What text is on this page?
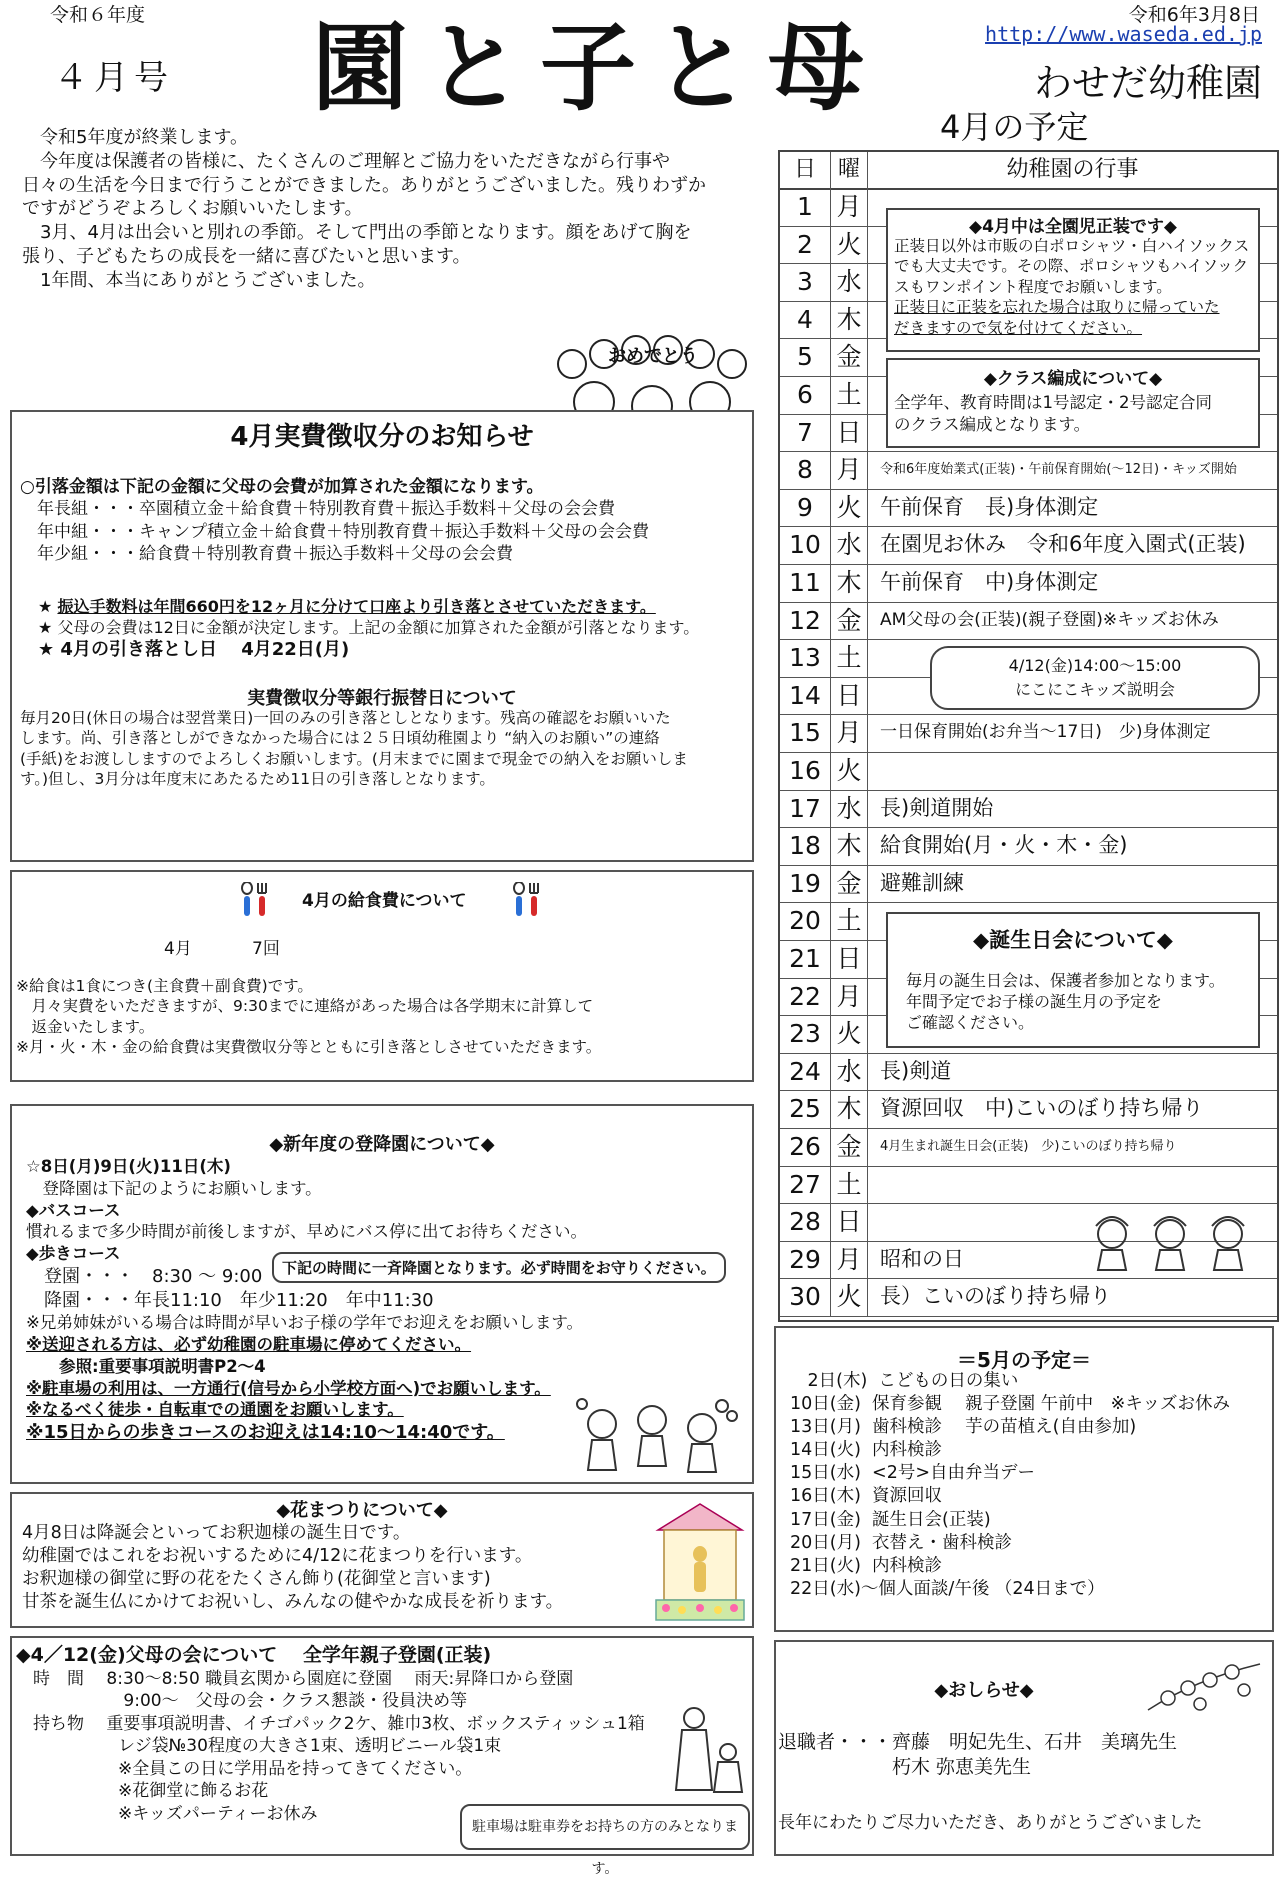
令和６年度
４月号 園と子と母	令和6年3月8日
http://www.waseda.ed.jp
わせだ幼稚園
　令和5年度が終業します。
　今年度は保護者の皆様に、たくさんのご理解とご協力をいただきながら行事や
日々の生活を今日まで行うことができました。ありがとうございました。残りわずか
ですがどうぞよろしくお願いいたします。
　3月、4月は出会いと別れの季節。そして門出の季節となります。顔をあげて胸を
張り、子どもたちの成長を一緒に喜びたいと思います。
　1年間、本当にありがとうございました。
おめでとう
4月実費徴収分のお知らせ
○引落金額は下記の金額に父母の会費が加算された金額になります。
　年長組・・・卒園積立金＋給食費＋特別教育費＋振込手数料＋父母の会会費
　年中組・・・キャンプ積立金＋給食費＋特別教育費＋振込手数料＋父母の会会費
　年少組・・・給食費＋特別教育費＋振込手数料＋父母の会会費
★ 振込手数料は年間660円を12ヶ月に分けて口座より引き落とさせていただきます。
★ 父母の会費は12日に金額が決定します。上記の金額に加算された金額が引落となります。
★ 4月の引き落とし日　 4月22日(月)
実費徴収分等銀行振替日について
毎月20日(休日の場合は翌営業日)一回のみの引き落としとなります。残高の確認をお願いいた
します。尚、引き落としができなかった場合には２５日頃幼稚園より “納入のお願い”の連絡
(手紙)をお渡ししますのでよろしくお願いします。(月末までに園まで現金での納入をお願いしま
す。)但し、3月分は年度末にあたるため11日の引き落しとなります。
4月の給食費について
4月	7回
※給食は1食につき(主食費＋副食費)です。
　月々実費をいただきますが、9:30までに連絡があった場合は各学期末に計算して
　返金いたします。
※月・火・木・金の給食費は実費徴収分等とともに引き落としさせていただきます。
◆新年度の登降園について◆
☆8日(月)9日(火)11日(木)
　登降園は下記のようにお願いします。
◆バスコース
慣れるまで多少時間が前後しますが、早めにバス停に出てお待ちください。
◆歩きコース
　登園・・・　8:30 ～ 9:00
　降園・・・年長11:10　年少11:20　年中11:30
※兄弟姉妹がいる場合は時間が早いお子様の学年でお迎えをお願いします。
※送迎される方は、必ず幼稚園の駐車場に停めてください。
　　参照:重要事項説明書P2～4
※駐車場の利用は、一方通行(信号から小学校方面へ)でお願いします。
※なるべく徒歩・自転車での通園をお願いします。
※15日からの歩きコースのお迎えは14:10～14:40です。
下記の時間に一斉降園となります。必ず時間をお守りください。
◆花まつりについて◆
4月8日は降誕会といってお釈迦様の誕生日です。
幼稚園ではこれをお祝いするために4/12に花まつりを行います。
お釈迦様の御堂に野の花をたくさん飾り(花御堂と言います)
甘茶を誕生仏にかけてお祝いし、みんなの健やかな成長を祈ります。
◆4／12(金)父母の会について　 全学年親子登園(正装)
　時　間　 8:30～8:50 職員玄関から園庭に登園　 雨天:昇降口から登園
　　　　　　 9:00～　父母の会・クラス懇談・役員決め等
　持ち物　 重要事項説明書、イチゴパック2ケ、雑巾3枚、ボックスティッシュ1箱
　　　　　　レジ袋№30程度の大きさ1束、透明ビニール袋1束
　　　　　　※全員この日に学用品を持ってきてください。
　　　　　　※花御堂に飾るお花
　　　　　　※キッズパーティーお休み
駐車場は駐車券をお持ちの方のみとなります。
4月の予定
日 曜	幼稚園の行事
1 月
2 火
3 水
4 木
5 金
6 土
7 日
8 月	令和6年度始業式(正装)・午前保育開始(～12日)・キッズ開始
9 火 午前保育　長)身体測定
10 水 在園児お休み　令和6年度入園式(正装)
11 木 午前保育　中)身体測定
12 金	AM父母の会(正装)(親子登園)※キッズお休み
13 土
14 日
15 月	一日保育開始(お弁当～17日)　少)身体測定
16 火
17 水 長)剣道開始
18 木 給食開始(月・火・木・金)
19 金 避難訓練
20 土
21 日
22 月
23 火
24 水 長)剣道
25 木 資源回収　中)こいのぼり持ち帰り
26 金	4月生まれ誕生日会(正装)　少)こいのぼり持ち帰り
27 土
28 日
29 月 昭和の日
30 火 長）こいのぼり持ち帰り
◆4月中は全園児正装です◆
正装日以外は市販の白ポロシャツ・白ハイソックス
でも大丈夫です。その際、ポロシャツもハイソック
スもワンポイント程度でお願いします。
正装日に正装を忘れた場合は取りに帰っていた
だきますので気を付けてください。
◆クラス編成について◆
全学年、教育時間は1号認定・2号認定合同
のクラス編成となります。
4/12(金)14:00～15:00
にこにこキッズ説明会
◆誕生日会について◆
毎月の誕生日会は、保護者参加となります。
年間予定でお子様の誕生月の予定を
ご確認ください。
＝5月の予定＝
　2日(木)  こどもの日の集い
10日(金)  保育参観　 親子登園 午前中　※キッズお休み
13日(月)  歯科検診　 芋の苗植え(自由参加)
14日(火)  内科検診
15日(水)  <2号>自由弁当デー
16日(木)  資源回収
17日(金)  誕生日会(正装)
20日(月)  衣替え・歯科検診
21日(火)  内科検診
22日(水)～個人面談/午後 （24日まで）
◆おしらせ◆
退職者・・・齊藤　明妃先生、石井　美璃先生
　　　　　　朽木 弥恵美先生
長年にわたりご尽力いただき、ありがとうございました
